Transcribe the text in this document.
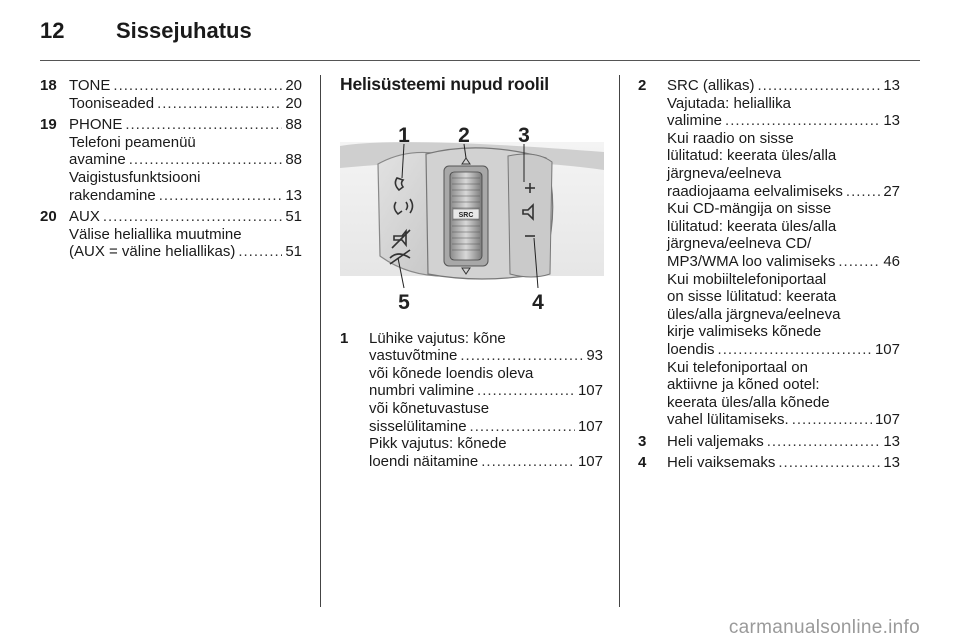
12 Sissejuhatus
18 TONE .....	20
Tooniseaded .....	20
19 PHONE .....	88
Telefoni peamenüü
avamine .....	88
Vaigistusfunktsiooni
rakendamine .....	13
20 AUX .....	51
Välise heliallika muutmine
(AUX = väline heliallikas) .....	51
Helisüsteemi nupud roolil
SRC
1 2 3
4
5
1 Lühike vajutus: kõne
vastuvõtmine .....	93
või kõnede loendis oleva
numbri valimine .....	107
või kõnetuvastuse
sisselülitamine .....	107
Pikk vajutus: kõnede
loendi näitamine .....	107
2 SRC (allikas) .....	13
Vajutada: heliallika
valimine .....	13
Kui raadio on sisse
lülitatud: keerata üles/alla
järgneva/eelneva
raadiojaama eelvalimiseks .....	27
Kui CD-mängija on sisse
lülitatud: keerata üles/alla
järgneva/eelneva CD/
MP3/WMA loo valimiseks .....	46
Kui mobiiltelefoniportaal
on sisse lülitatud: keerata
üles/alla järgneva/eelneva
kirje valimiseks kõnede
loendis .....	107
Kui telefoniportaal on
aktiivne ja kõned ootel:
keerata üles/alla kõnede
vahel lülitamiseks. .....	107
3 Heli valjemaks .....	13
4 Heli vaiksemaks .....	13
carmanualsonline.info
